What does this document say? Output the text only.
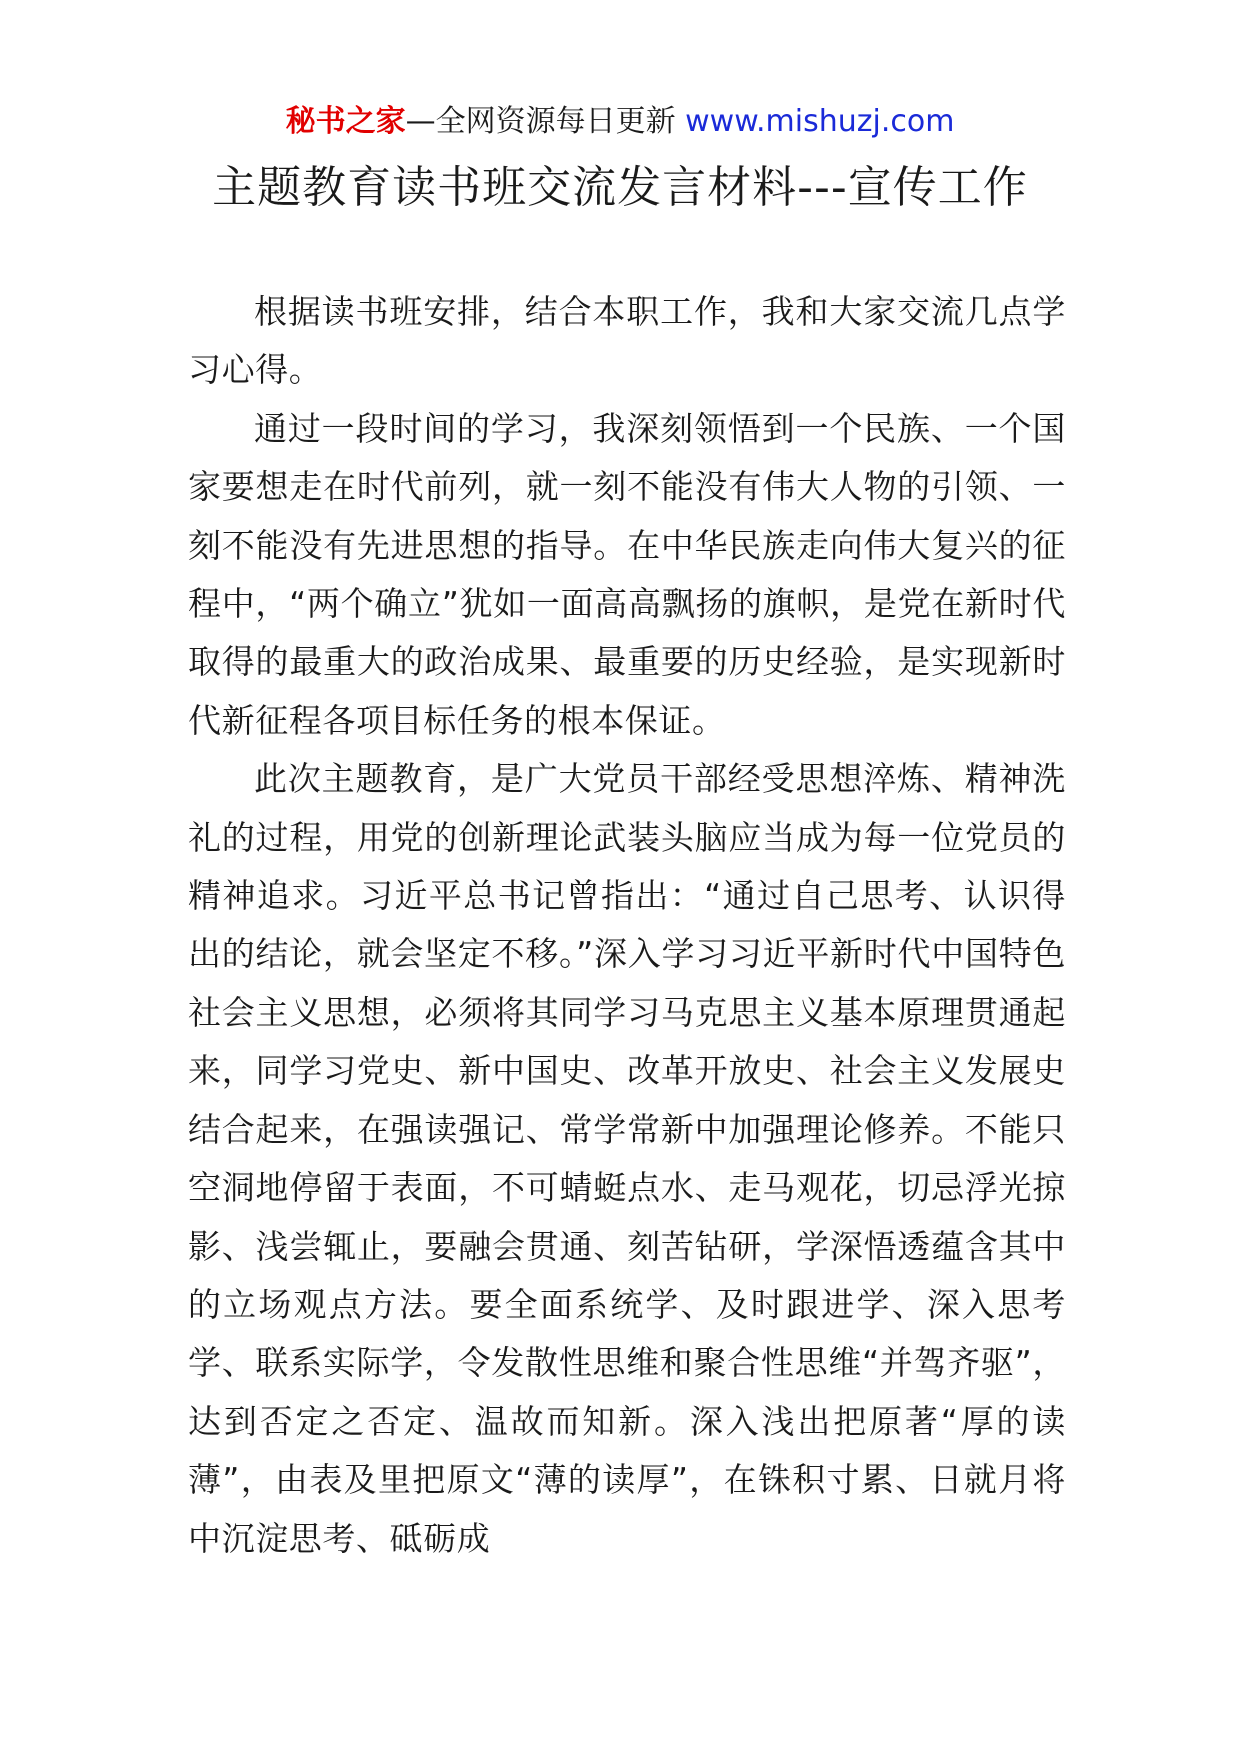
秘书之家—全网资源每日更新 www.mishuzj.com
主题教育读书班交流发言材料---宣传工作

根据读书班安排，结合本职工作，我和大家交流几点学习心得。

通过一段时间的学习，我深刻领悟到一个民族、一个国家要想走在时代前列，就一刻不能没有伟大人物的引领、一刻不能没有先进思想的指导。在中华民族走向伟大复兴的征程中，“两个确立”犹如一面高高飘扬的旗帜，是党在新时代取得的最重大的政治成果、最重要的历史经验，是实现新时代新征程各项目标任务的根本保证。

此次主题教育，是广大党员干部经受思想淬炼、精神洗礼的过程，用党的创新理论武装头脑应当成为每一位党员的精神追求。习近平总书记曾指出：“通过自己思考、认识得出的结论，就会坚定不移。”深入学习习近平新时代中国特色社会主义思想，必须将其同学习马克思主义基本原理贯通起来，同学习党史、新中国史、改革开放史、社会主义发展史结合起来，在强读强记、常学常新中加强理论修养。不能只空洞地停留于表面，不可蜻蜓点水、走马观花，切忌浮光掠影、浅尝辄止，要融会贯通、刻苦钻研，学深悟透蕴含其中的立场观点方法。要全面系统学、及时跟进学、深入思考学、联系实际学，令发散性思维和聚合性思维“并驾齐驱”，达到否定之否定、温故而知新。深入浅出把原著“厚的读薄”，由表及里把原文“薄的读厚”，在铢积寸累、日就月将中沉淀思考、砥砺成
